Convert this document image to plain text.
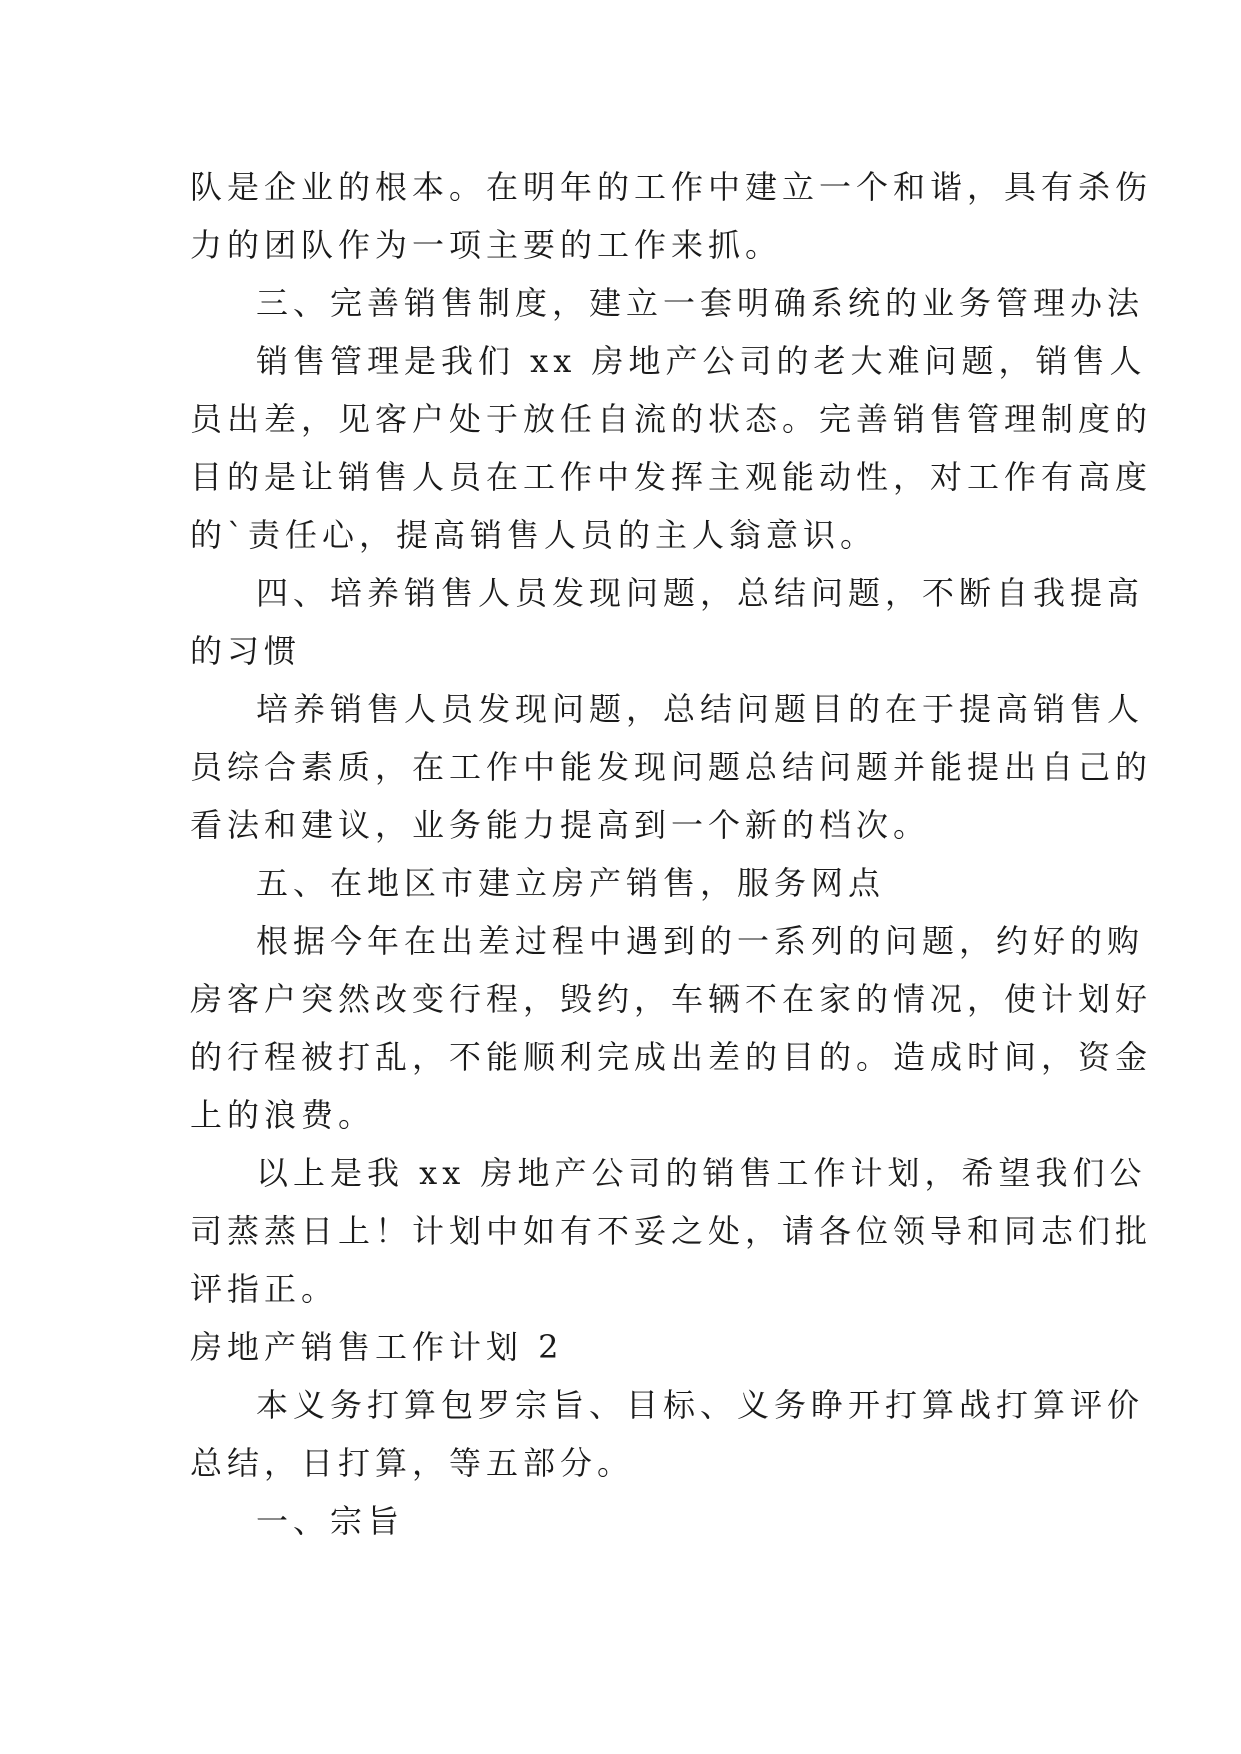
队是企业的根本。在明年的工作中建立一个和谐，具有杀伤
力的团队作为一项主要的工作来抓。
三、完善销售制度，建立一套明确系统的业务管理办法
销售管理是我们 xx 房地产公司的老大难问题，销售人
员出差，见客户处于放任自流的状态。完善销售管理制度的
目的是让销售人员在工作中发挥主观能动性，对工作有高度
的`责任心，提高销售人员的主人翁意识。
四、培养销售人员发现问题，总结问题，不断自我提高
的习惯
培养销售人员发现问题，总结问题目的在于提高销售人
员综合素质，在工作中能发现问题总结问题并能提出自己的
看法和建议，业务能力提高到一个新的档次。
五、在地区市建立房产销售，服务网点
根据今年在出差过程中遇到的一系列的问题，约好的购
房客户突然改变行程，毁约，车辆不在家的情况，使计划好
的行程被打乱，不能顺利完成出差的目的。造成时间，资金
上的浪费。
以上是我 xx 房地产公司的销售工作计划，希望我们公
司蒸蒸日上！计划中如有不妥之处，请各位领导和同志们批
评指正。
房地产销售工作计划 2
本义务打算包罗宗旨、目标、义务睁开打算战打算评价
总结，日打算，等五部分。
一、宗旨
